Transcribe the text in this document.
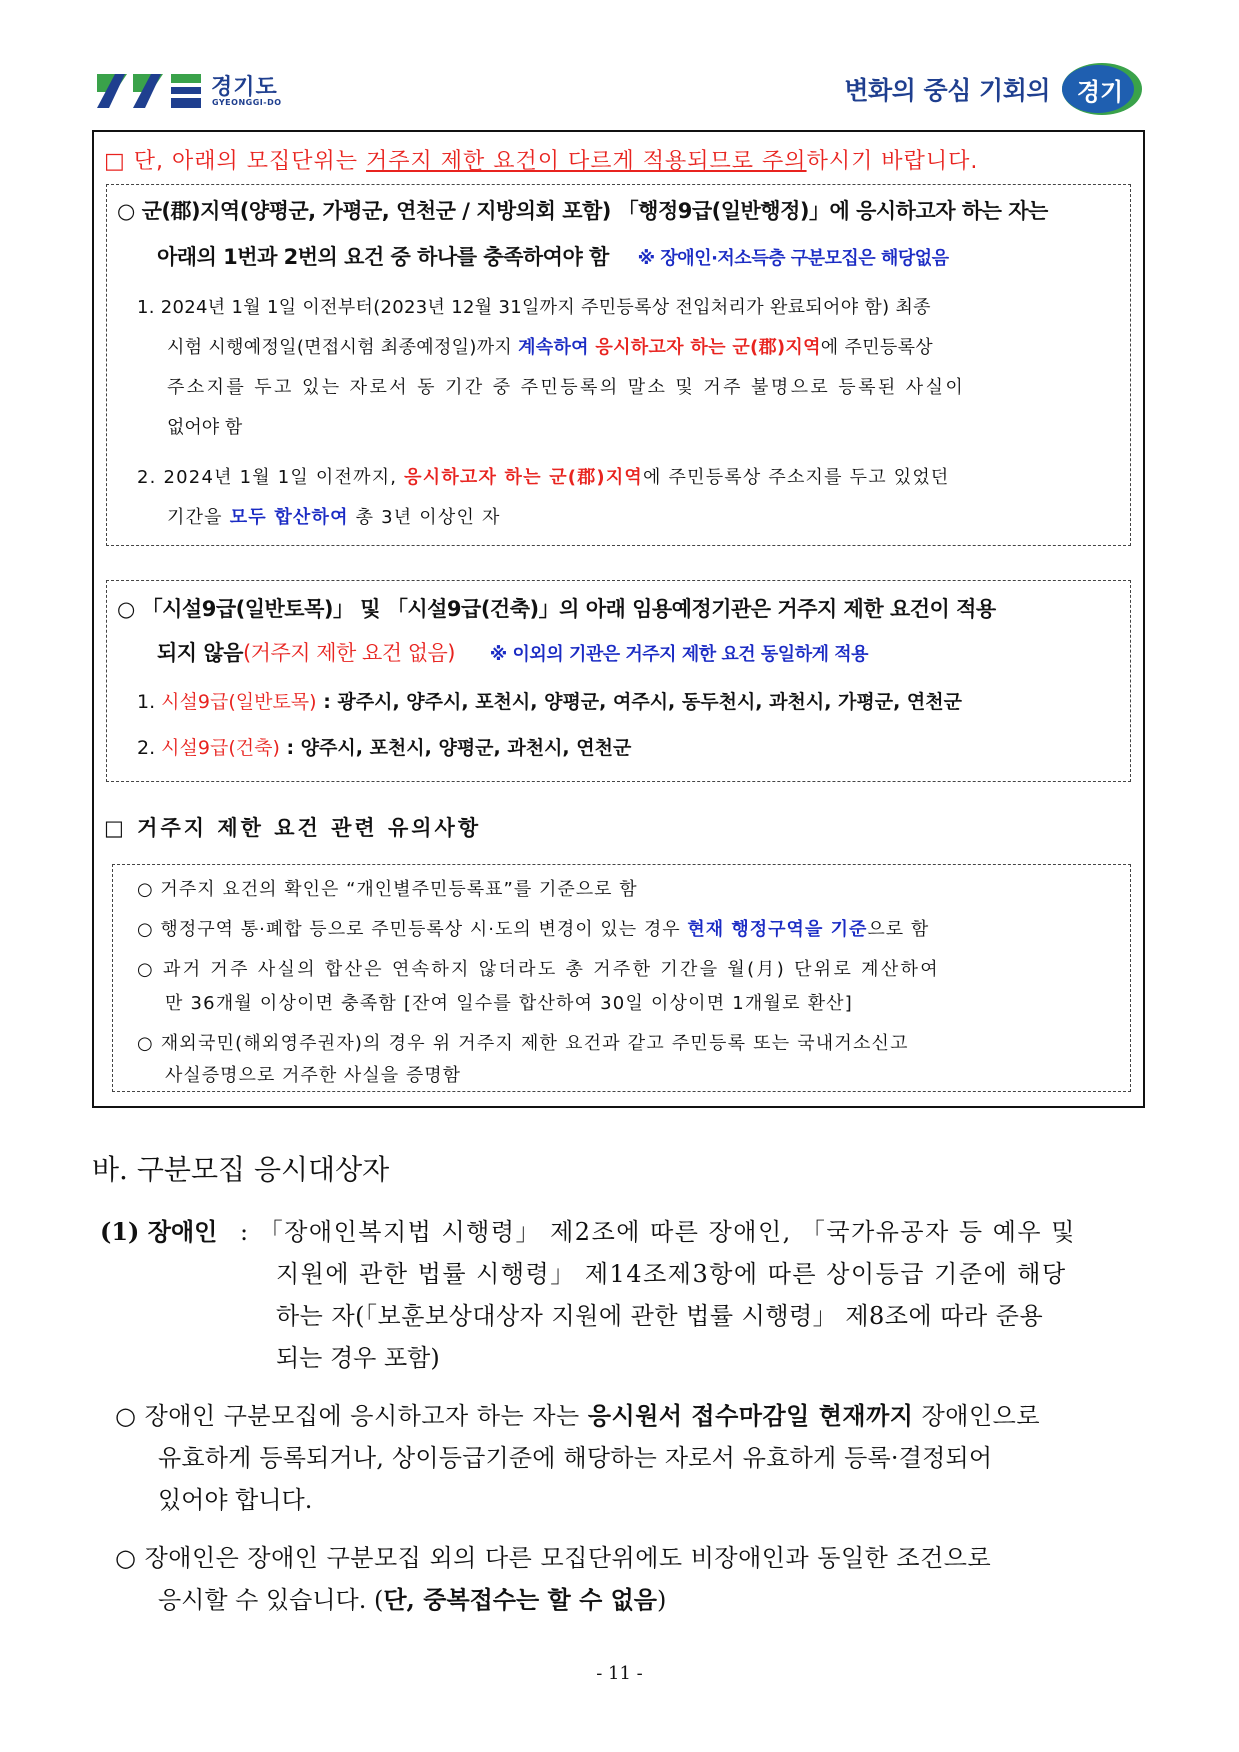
경기도
GYEONGGI-DO	변화의 중심 기회의	경기
□ 단, 아래의 모집단위는 거주지 제한 요건이 다르게 적용되므로 주의하시기 바랍니다.
○ 군(郡)지역(양평군, 가평군, 연천군 / 지방의회 포함) 「행정9급(일반행정)」에 응시하고자 하는 자는
아래의 1번과 2번의 요건 중 하나를 충족하여야 함 ※ 장애인·저소득층 구분모집은 해당없음
1. 2024년 1월 1일 이전부터(2023년 12월 31일까지 주민등록상 전입처리가 완료되어야 함) 최종
시험 시행예정일(면접시험 최종예정일)까지 계속하여 응시하고자 하는 군(郡)지역에 주민등록상
주소지를 두고 있는 자로서 동 기간 중 주민등록의 말소 및 거주 불명으로 등록된 사실이
없어야 함
2. 2024년 1월 1일 이전까지, 응시하고자 하는 군(郡)지역에 주민등록상 주소지를 두고 있었던
기간을 모두 합산하여 총 3년 이상인 자
○ 「시설9급(일반토목)」 및 「시설9급(건축)」의 아래 임용예정기관은 거주지 제한 요건이 적용
되지 않음(거주지 제한 요건 없음) ※ 이외의 기관은 거주지 제한 요건 동일하게 적용
1. 시설9급(일반토목) : 광주시, 양주시, 포천시, 양평군, 여주시, 동두천시, 과천시, 가평군, 연천군
2. 시설9급(건축) : 양주시, 포천시, 양평군, 과천시, 연천군
□ 거주지 제한 요건 관련 유의사항
○ 거주지 요건의 확인은 “개인별주민등록표”를 기준으로 함
○ 행정구역 통·폐합 등으로 주민등록상 시·도의 변경이 있는 경우 현재 행정구역을 기준으로 함
○ 과거 거주 사실의 합산은 연속하지 않더라도 총 거주한 기간을 월(月) 단위로 계산하여
만 36개월 이상이면 충족함 [잔여 일수를 합산하여 30일 이상이면 1개월로 환산]
○ 재외국민(해외영주권자)의 경우 위 거주지 제한 요건과 같고 주민등록 또는 국내거소신고
사실증명으로 거주한 사실을 증명함
바. 구분모집 응시대상자
(1) 장애인 : 「장애인복지법 시행령」 제2조에 따른 장애인, 「국가유공자 등 예우 및
지원에 관한 법률 시행령」 제14조제3항에 따른 상이등급 기준에 해당
하는 자(「보훈보상대상자 지원에 관한 법률 시행령」 제8조에 따라 준용
되는 경우 포함)
○ 장애인 구분모집에 응시하고자 하는 자는 응시원서 접수마감일 현재까지 장애인으로
유효하게 등록되거나, 상이등급기준에 해당하는 자로서 유효하게 등록·결정되어
있어야 합니다.
○ 장애인은 장애인 구분모집 외의 다른 모집단위에도 비장애인과 동일한 조건으로
응시할 수 있습니다. (단, 중복접수는 할 수 없음)
- 11 -
